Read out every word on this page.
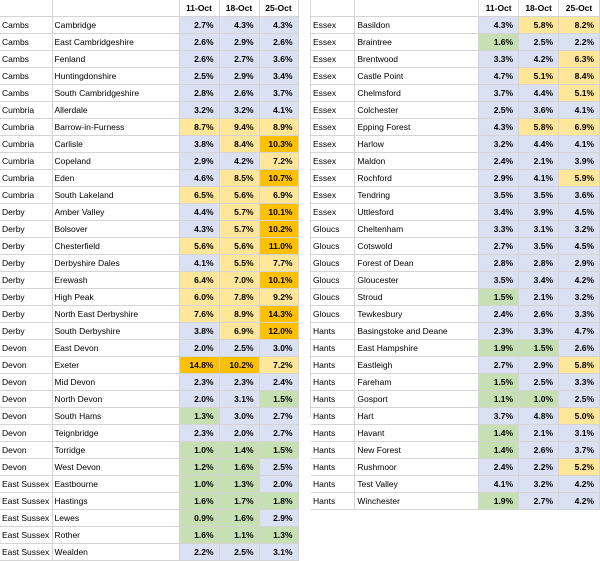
		11-Oct	18-Oct	25-Oct
Cambs	Cambridge	2.7%	4.3%	4.3%
Cambs	East Cambridgeshire	2.6%	2.9%	2.6%
Cambs	Fenland	2.6%	2.7%	3.6%
Cambs	Huntingdonshire	2.5%	2.9%	3.4%
Cambs	South Cambridgeshire	2.8%	2.6%	3.7%
Cumbria	Allerdale	3.2%	3.2%	4.1%
Cumbria	Barrow-in-Furness	8.7%	9.4%	8.9%
Cumbria	Carlisle	3.8%	8.4%	10.3%
Cumbria	Copeland	2.9%	4.2%	7.2%
Cumbria	Eden	4.6%	8.5%	10.7%
Cumbria	South Lakeland	6.5%	5.6%	6.9%
Derby	Amber Valley	4.4%	5.7%	10.1%
Derby	Bolsover	4.3%	5.7%	10.2%
Derby	Chesterfield	5.6%	5.6%	11.0%
Derby	Derbyshire Dales	4.1%	5.5%	7.7%
Derby	Erewash	6.4%	7.0%	10.1%
Derby	High Peak	6.0%	7.8%	9.2%
Derby	North East Derbyshire	7.6%	8.9%	14.3%
Derby	South Derbyshire	3.8%	6.9%	12.0%
Devon	East Devon	2.0%	2.5%	3.0%
Devon	Exeter	14.8%	10.2%	7.2%
Devon	Mid Devon	2.3%	2.3%	2.4%
Devon	North Devon	2.0%	3.1%	1.5%
Devon	South Hams	1.3%	3.0%	2.7%
Devon	Teignbridge	2.3%	2.0%	2.7%
Devon	Torridge	1.0%	1.4%	1.5%
Devon	West Devon	1.2%	1.6%	2.5%
East Sussex	Eastbourne	1.0%	1.3%	2.0%
East Sussex	Hastings	1.6%	1.7%	1.8%
East Sussex	Lewes	0.9%	1.6%	2.9%
East Sussex	Rother	1.6%	1.1%	1.3%
East Sussex	Wealden	2.2%	2.5%	3.1%
		11-Oct	18-Oct	25-Oct
Essex	Basildon	4.3%	5.8%	8.2%
Essex	Braintree	1.6%	2.5%	2.2%
Essex	Brentwood	3.3%	4.2%	6.3%
Essex	Castle Point	4.7%	5.1%	8.4%
Essex	Chelmsford	3.7%	4.4%	5.1%
Essex	Colchester	2.5%	3.6%	4.1%
Essex	Epping Forest	4.3%	5.8%	6.9%
Essex	Harlow	3.2%	4.4%	4.1%
Essex	Maldon	2.4%	2.1%	3.9%
Essex	Rochford	2.9%	4.1%	5.9%
Essex	Tendring	3.5%	3.5%	3.6%
Essex	Uttlesford	3.4%	3.9%	4.5%
Gloucs	Cheltenham	3.3%	3.1%	3.2%
Gloucs	Cotswold	2.7%	3.5%	4.5%
Gloucs	Forest of Dean	2.8%	2.8%	2.9%
Gloucs	Gloucester	3.5%	3.4%	4.2%
Gloucs	Stroud	1.5%	2.1%	3.2%
Gloucs	Tewkesbury	2.4%	2.6%	3.3%
Hants	Basingstoke and Deane	2.3%	3.3%	4.7%
Hants	East Hampshire	1.9%	1.5%	2.6%
Hants	Eastleigh	2.7%	2.9%	5.8%
Hants	Fareham	1.5%	2.5%	3.3%
Hants	Gosport	1.1%	1.0%	2.5%
Hants	Hart	3.7%	4.8%	5.0%
Hants	Havant	1.4%	2.1%	3.1%
Hants	New Forest	1.4%	2.6%	3.7%
Hants	Rushmoor	2.4%	2.2%	5.2%
Hants	Test Valley	4.1%	3.2%	4.2%
Hants	Winchester	1.9%	2.7%	4.2%
